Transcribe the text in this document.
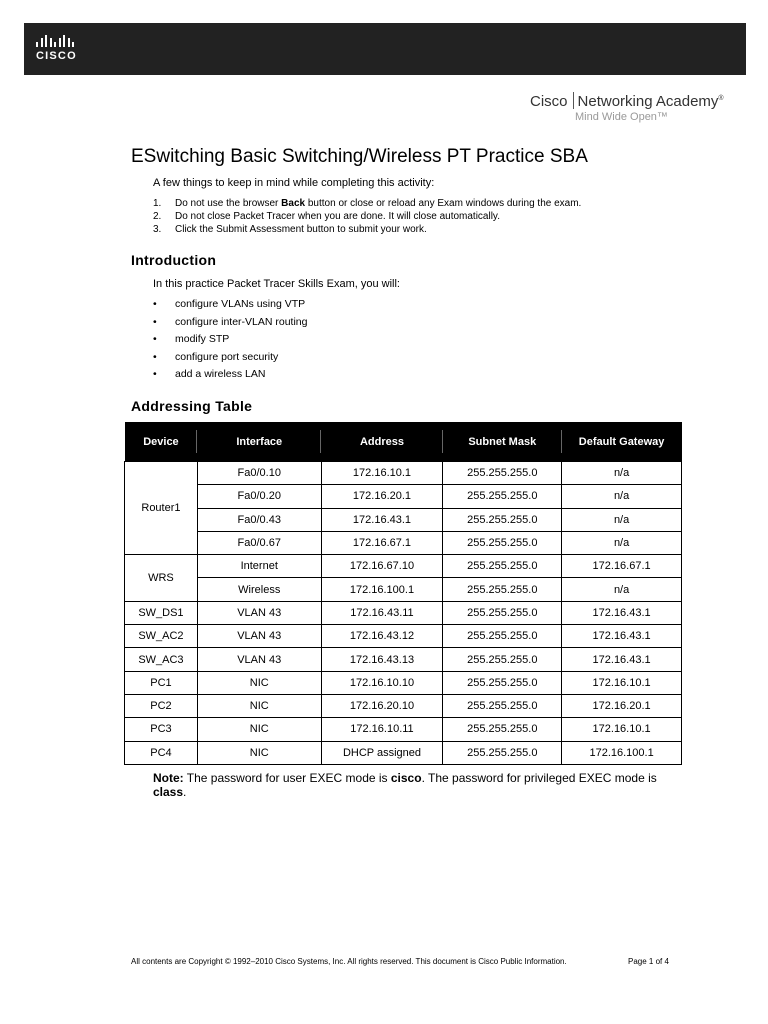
CISCO
Cisco Networking Academy®
Mind Wide Open™
ESwitching Basic Switching/Wireless PT Practice SBA
A few things to keep in mind while completing this activity:
1. Do not use the browser Back button or close or reload any Exam windows during the exam.
2. Do not close Packet Tracer when you are done. It will close automatically.
3. Click the Submit Assessment button to submit your work.
Introduction
In this practice Packet Tracer Skills Exam, you will:
• configure VLANs using VTP
• configure inter-VLAN routing
• modify STP
• configure port security
• add a wireless LAN
Addressing Table
Device	Interface	Address	Subnet Mask	Default Gateway
Router1	Fa0/0.10	172.16.10.1	255.255.255.0	n/a
	Fa0/0.20	172.16.20.1	255.255.255.0	n/a
	Fa0/0.43	172.16.43.1	255.255.255.0	n/a
	Fa0/0.67	172.16.67.1	255.255.255.0	n/a
WRS	Internet	172.16.67.10	255.255.255.0	172.16.67.1
	Wireless	172.16.100.1	255.255.255.0	n/a
SW_DS1	VLAN 43	172.16.43.11	255.255.255.0	172.16.43.1
SW_AC2	VLAN 43	172.16.43.12	255.255.255.0	172.16.43.1
SW_AC3	VLAN 43	172.16.43.13	255.255.255.0	172.16.43.1
PC1	NIC	172.16.10.10	255.255.255.0	172.16.10.1
PC2	NIC	172.16.20.10	255.255.255.0	172.16.20.1
PC3	NIC	172.16.10.11	255.255.255.0	172.16.10.1
PC4	NIC	DHCP assigned	255.255.255.0	172.16.100.1
Note: The password for user EXEC mode is cisco. The password for privileged EXEC mode is class.
All contents are Copyright © 1992–2010 Cisco Systems, Inc. All rights reserved. This document is Cisco Public Information.	Page 1 of 4
